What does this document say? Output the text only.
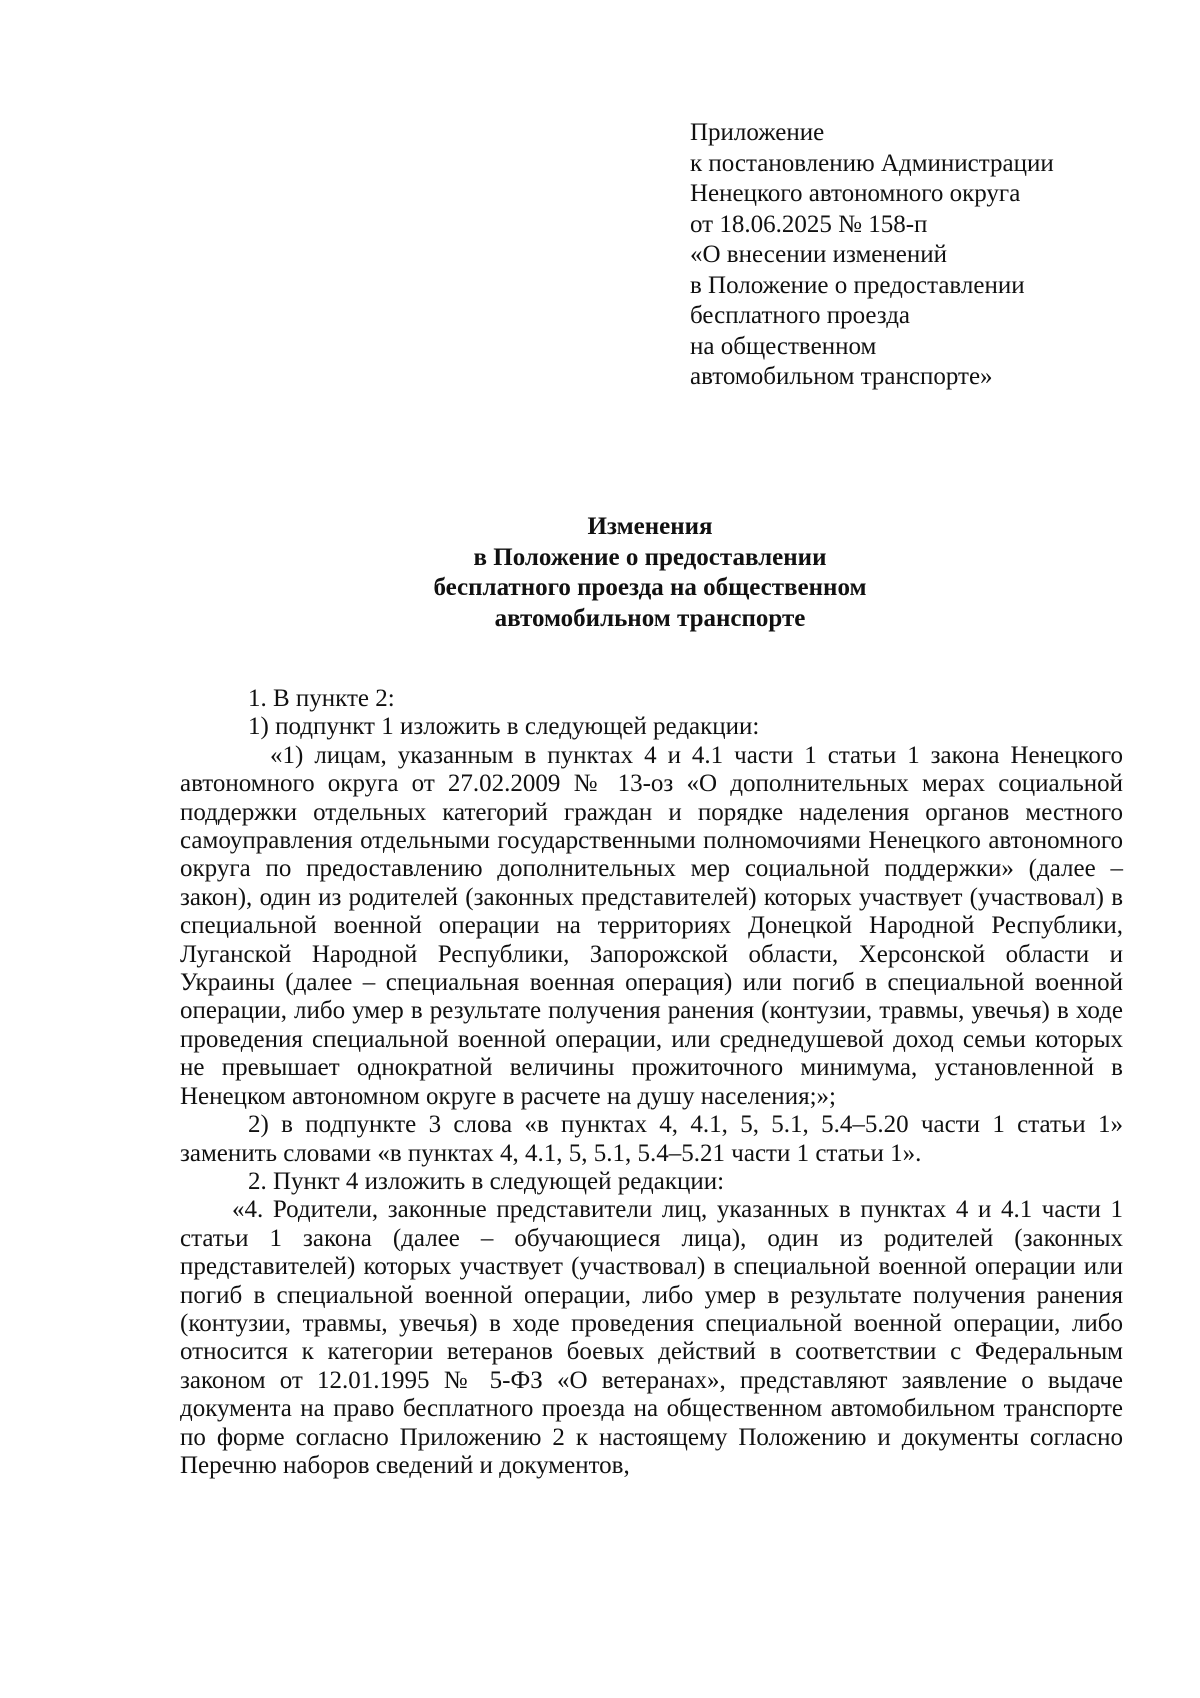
Приложение
к постановлению Администрации
Ненецкого автономного округа
от 18.06.2025 № 158-п
«О внесении изменений
в Положение о предоставлении
бесплатного проезда
на общественном
автомобильном транспорте»
Изменения
в Положение о предоставлении
бесплатного проезда на общественном
автомобильном транспорте

1. В пункте 2:

1) подпункт 1 изложить в следующей редакции:

«1) лицам, указанным в пунктах 4 и 4.1 части 1 статьи 1 закона Ненецкого автономного округа от 27.02.2009 № 13-оз «О дополнительных мерах социальной поддержки отдельных категорий граждан и порядке наделения органов местного самоуправления отдельными государственными полномочиями Ненецкого автономного округа по предоставлению дополнительных мер социальной поддержки» (далее – закон), один из родителей (законных представителей) которых участвует (участвовал) в специальной военной операции на территориях Донецкой Народной Республики, Луганской Народной Республики, Запорожской области, Херсонской области и Украины (далее – специальная военная операция) или погиб в специальной военной операции, либо умер в результате получения ранения (контузии, травмы, увечья) в ходе проведения специальной военной операции, или среднедушевой доход семьи которых не превышает однократной величины прожиточного минимума, установленной в Ненецком автономном округе в расчете на душу населения;»;

2) в подпункте 3 слова «в пунктах 4, 4.1, 5, 5.1, 5.4–5.20 части 1 статьи 1» заменить словами «в пунктах 4, 4.1, 5, 5.1, 5.4–5.21 части 1 статьи 1».

2. Пункт 4 изложить в следующей редакции:

«4. Родители, законные представители лиц, указанных в пунктах 4 и 4.1 части 1 статьи 1 закона (далее – обучающиеся лица), один из родителей (законных представителей) которых участвует (участвовал) в специальной военной операции или погиб в специальной военной операции, либо умер в результате получения ранения (контузии, травмы, увечья) в ходе проведения специальной военной операции, либо относится к категории ветеранов боевых действий в соответствии с Федеральным законом от 12.01.1995 № 5-ФЗ «О ветеранах», представляют заявление о выдаче документа на право бесплатного проезда на общественном автомобильном транспорте по форме согласно Приложению 2 к настоящему Положению и документы согласно Перечню наборов сведений и документов,
